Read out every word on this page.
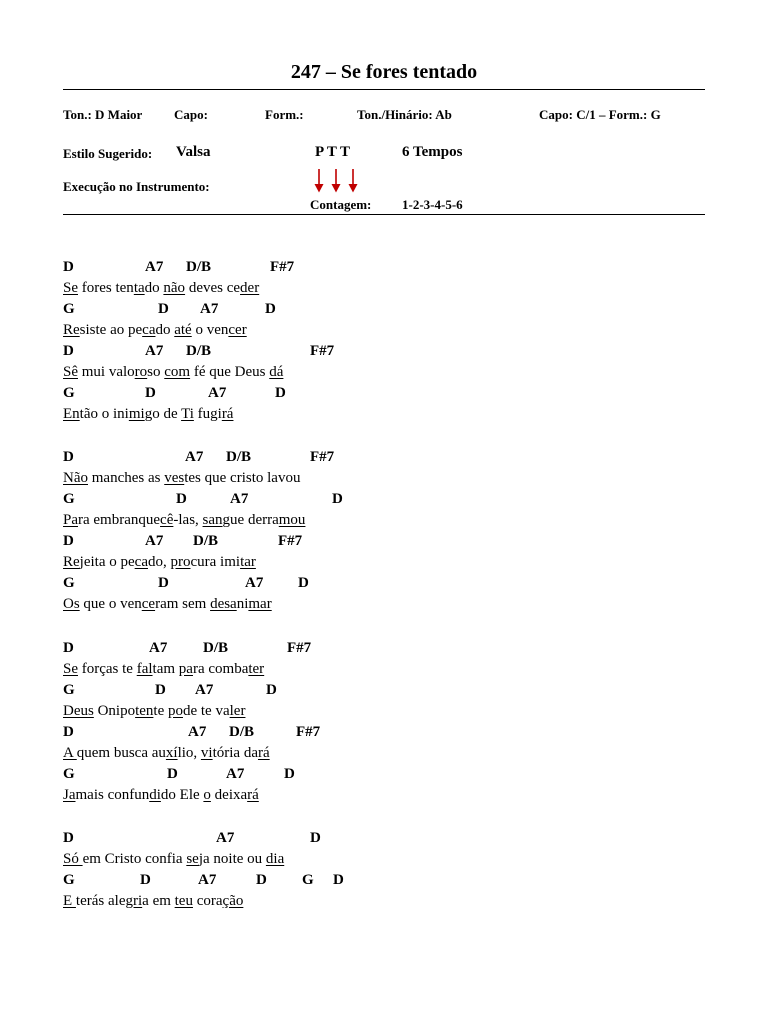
247 – Se fores tentado
Ton.: D Maior Capo:	Form.:	Ton./Hinário: Ab	Capo: C/1 – Form.: G
Estilo Sugerido: Valsa	P T T	6 Tempos
Execução no Instrumento:
Contagem: 1-2-3-4-5-6
D	A7 D/B	F#7
Se fores tentado não deves ceder
G	D A7	D
Resiste ao pecado até o vencer
D	A7 D/B	F#7
Sê mui valoroso com fé que Deus dá
G	D	A7	D
Então o inimigo de Ti fugirá
D	A7 D/B	F#7
Não manches as vestes que cristo lavou
G	D	A7	D
Para embranquecê-las, sangue derramou
D	A7 D/B	F#7
Rejeita o pecado, procura imitar
G	D	A7 D
Os que o venceram sem desanimar
D	A7 D/B	F#7
Se forças te faltam para combater
G	D A7	D
Deus Onipotente pode te valer
D	A7 D/B	F#7
A quem busca auxílio, vitória dará
G	D	A7	D
Jamais confundido Ele o deixará
D	A7	D
Só em Cristo confia seja noite ou dia
G	D	A7	D G D
E terás alegria em teu coração
